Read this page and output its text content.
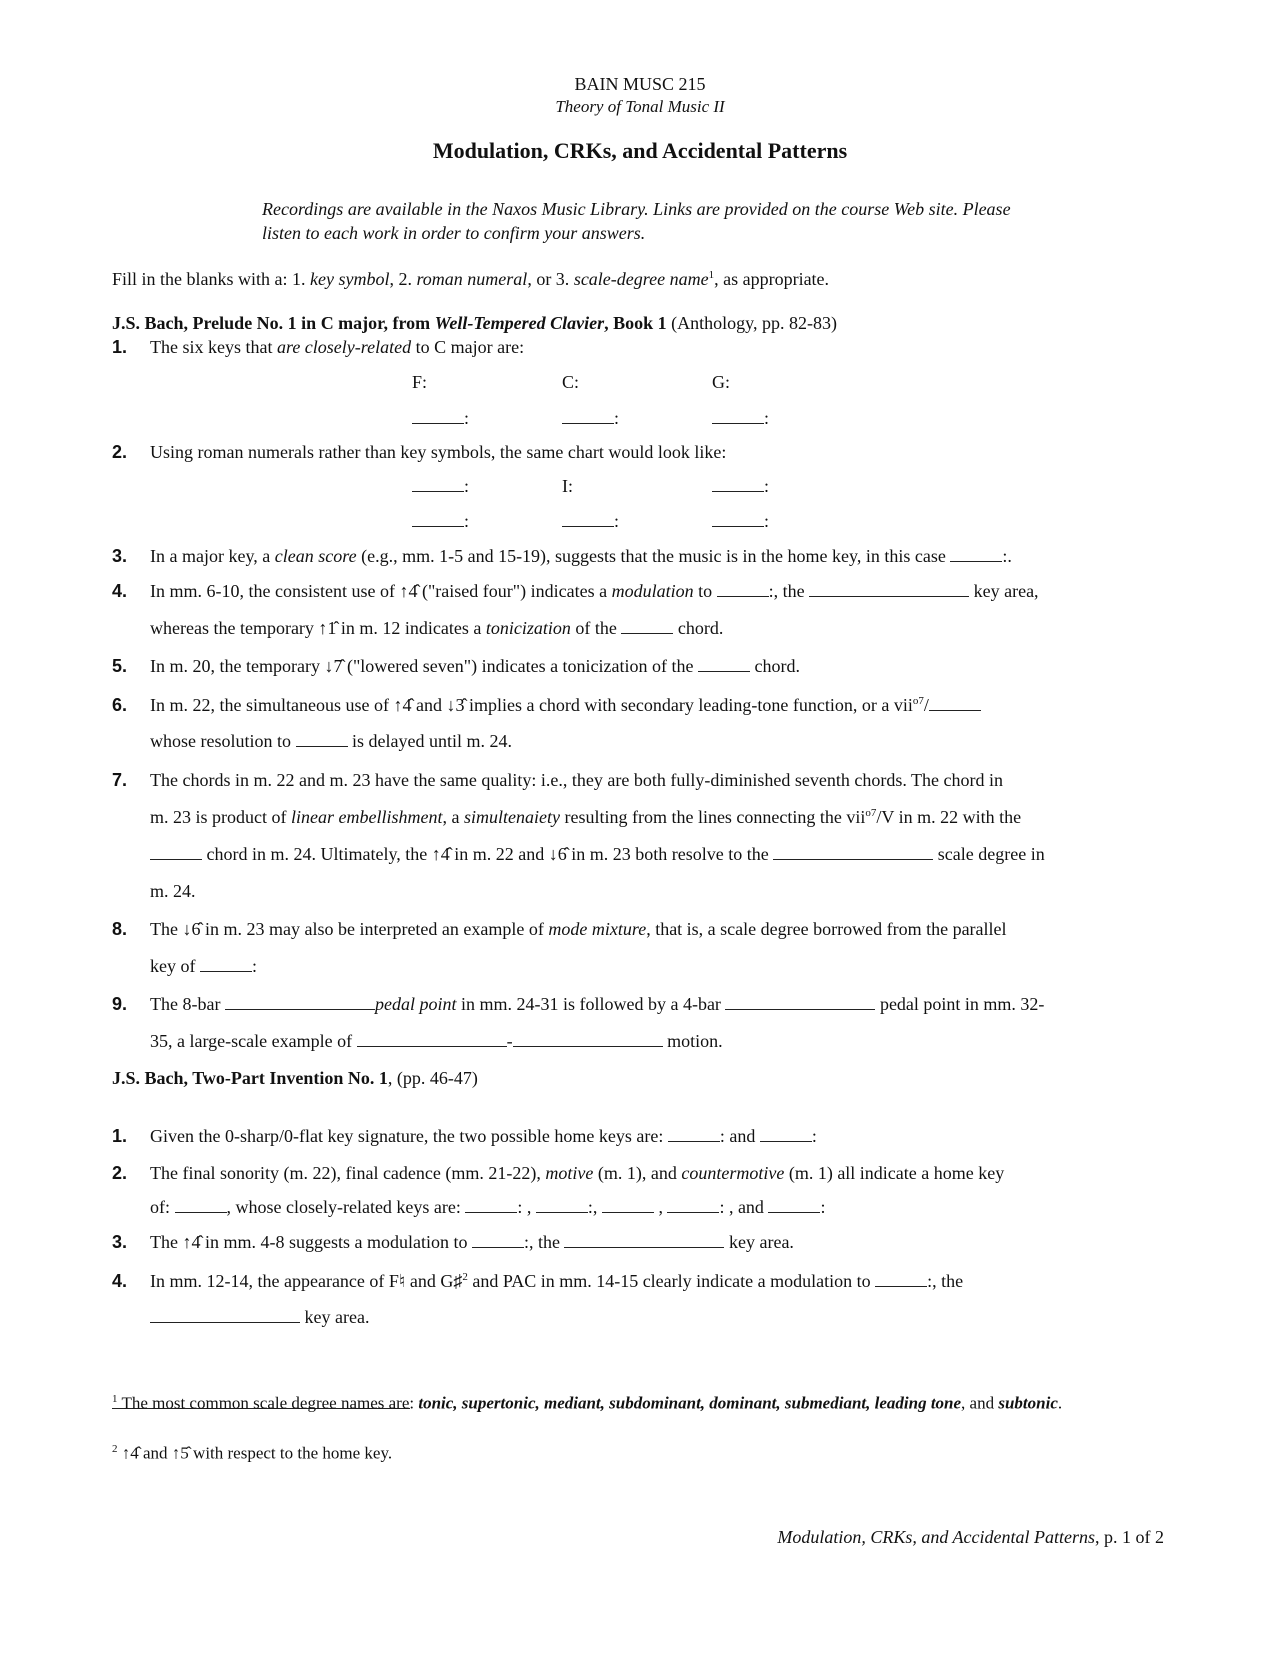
BAIN MUSC 215
Theory of Tonal Music II
Modulation, CRKs, and Accidental Patterns
Recordings are available in the Naxos Music Library. Links are provided on the course Web site. Please listen to each work in order to confirm your answers.
Fill in the blanks with a: 1. key symbol, 2. roman numeral, or 3. scale-degree name$^1$, as appropriate.
J.S. Bach, Prelude No. 1 in C major, from Well-Tempered Clavier, Book 1 (Anthology, pp. 82-83)
1. The six keys that are closely-related to C major are:
F:	C:	G:
:	:	:
2. Using roman numerals rather than key symbols, the same chart would look like:
:	I:	:
:	:	:
3. In a major key, a clean score (e.g., mm. 1-5 and 15-19), suggests that the music is in the home key, in this case	:.
4. In mm. 6-10, the consistent use of ↑4̂ ("raised four") indicates a modulation to	:, the	key area,
whereas the temporary ↑1̂ in m. 12 indicates a tonicization of the	chord.
5. In m. 20, the temporary ↓7̂ ("lowered seven") indicates a tonicization of the	chord.
6. In m. 22, the simultaneous use of ↑4̂ and ↓3̂ implies a chord with secondary leading-tone function, or a vii$^{o7}$/
whose resolution to	is delayed until m. 24.
7. The chords in m. 22 and m. 23 have the same quality: i.e., they are both fully-diminished seventh chords. The chord in
m. 23 is product of linear embellishment, a simultenaiety resulting from the lines connecting the vii$^{o7}$/V in m. 22 with the
chord in m. 24. Ultimately, the ↑4̂ in m. 22 and ↓6̂ in m. 23 both resolve to the	scale degree in
m. 24.
8. The ↓6̂ in m. 23 may also be interpreted an example of mode mixture, that is, a scale degree borrowed from the parallel
key of	:
9. The 8-bar	pedal point in mm. 24-31 is followed by a 4-bar	pedal point in mm. 32-
35, a large-scale example of	-	motion.
J.S. Bach, Two-Part Invention No. 1, (pp. 46-47)
1. Given the 0-sharp/0-flat key signature, the two possible home keys are:	: and	:
2. The final sonority (m. 22), final cadence (mm. 21-22), motive (m. 1), and countermotive (m. 1) all indicate a home key
of:	, whose closely-related keys are:	: ,	:,	,	: , and	:
3. The ↑4̂ in mm. 4-8 suggests a modulation to	:, the	key area.
4. In mm. 12-14, the appearance of F♮ and G♯$^2$ and PAC in mm. 14-15 clearly indicate a modulation to	:, the
key area.
$^1$ The most common scale degree names are: tonic, supertonic, mediant, subdominant, dominant, submediant, leading tone, and subtonic.
$^2$ ↑4̂ and ↑5̂ with respect to the home key.
Modulation, CRKs, and Accidental Patterns, p. 1 of 2
